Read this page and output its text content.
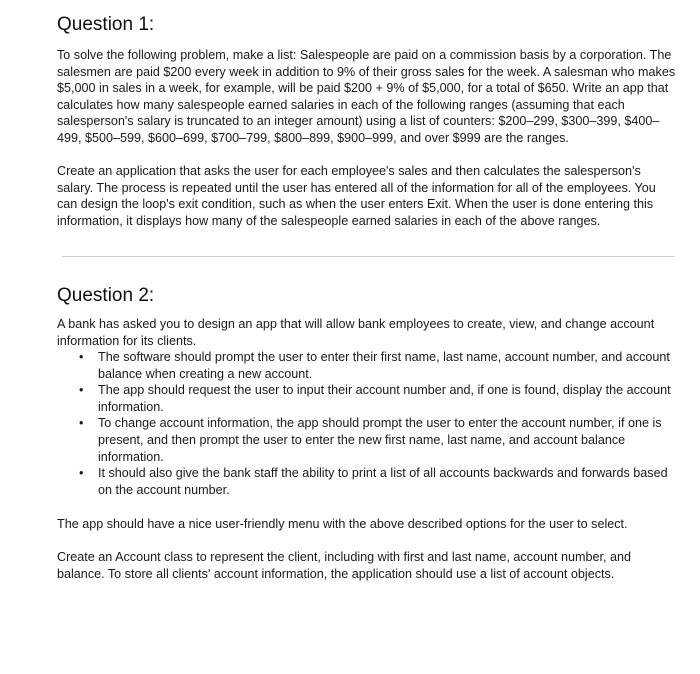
Question 1:

To solve the following problem, make a list: Salespeople are paid on a commission basis by a corporation. The salesmen are paid $200 every week in addition to 9% of their gross sales for the week. A salesman who makes $5,000 in sales in a week, for example, will be paid $200 + 9% of $5,000, for a total of $650. Write an app that calculates how many salespeople earned salaries in each of the following ranges (assuming that each salesperson's salary is truncated to an integer amount) using a list of counters: $200–299, $300–399, $400–499, $500–599, $600–699, $700–799, $800–899, $900–999, and over $999 are the ranges.

Create an application that asks the user for each employee's sales and then calculates the salesperson's salary. The process is repeated until the user has entered all of the information for all of the employees. You can design the loop's exit condition, such as when the user enters Exit. When the user is done entering this information, it displays how many of the salespeople earned salaries in each of the above ranges.

Question 2:

A bank has asked you to design an app that will allow bank employees to create, view, and change account information for its clients.

• The software should prompt the user to enter their first name, last name, account number, and account balance when creating a new account.
• The app should request the user to input their account number and, if one is found, display the account information.
• To change account information, the app should prompt the user to enter the account number, if one is present, and then prompt the user to enter the new first name, last name, and account balance information.
• It should also give the bank staff the ability to print a list of all accounts backwards and forwards based on the account number.

The app should have a nice user-friendly menu with the above described options for the user to select.

Create an Account class to represent the client, including with first and last name, account number, and balance. To store all clients' account information, the application should use a list of account objects.
